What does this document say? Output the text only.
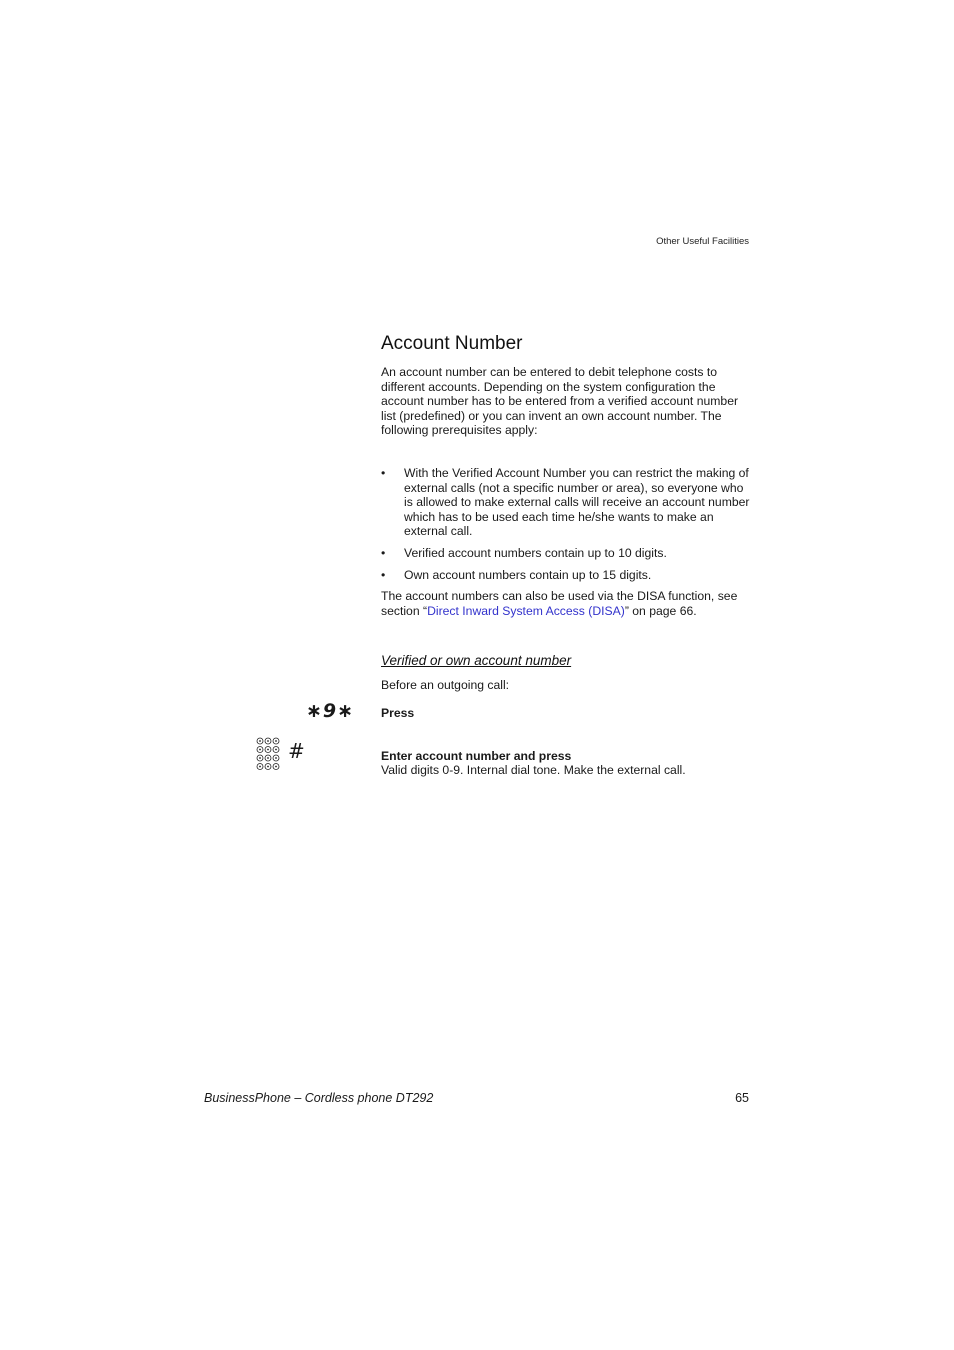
Other Useful Facilities
Account Number
An account number can be entered to debit telephone costs to different accounts. Depending on the system configuration the account number has to be entered from a verified account number list (predefined) or you can invent an own account number. The following prerequisites apply:
• With the Verified Account Number you can restrict the making of external calls (not a specific number or area), so everyone who is allowed to make external calls will receive an account number which has to be used each time he/she wants to make an external call.
• Verified account numbers contain up to 10 digits.
• Own account numbers contain up to 15 digits.
The account numbers can also be used via the DISA function, see section “Direct Inward System Access (DISA)” on page 66.
Verified or own account number
Before an outgoing call:
∗9∗ Press
#	Enter account number and press
Valid digits 0-9. Internal dial tone. Make the external call.
BusinessPhone – Cordless phone DT292	65
